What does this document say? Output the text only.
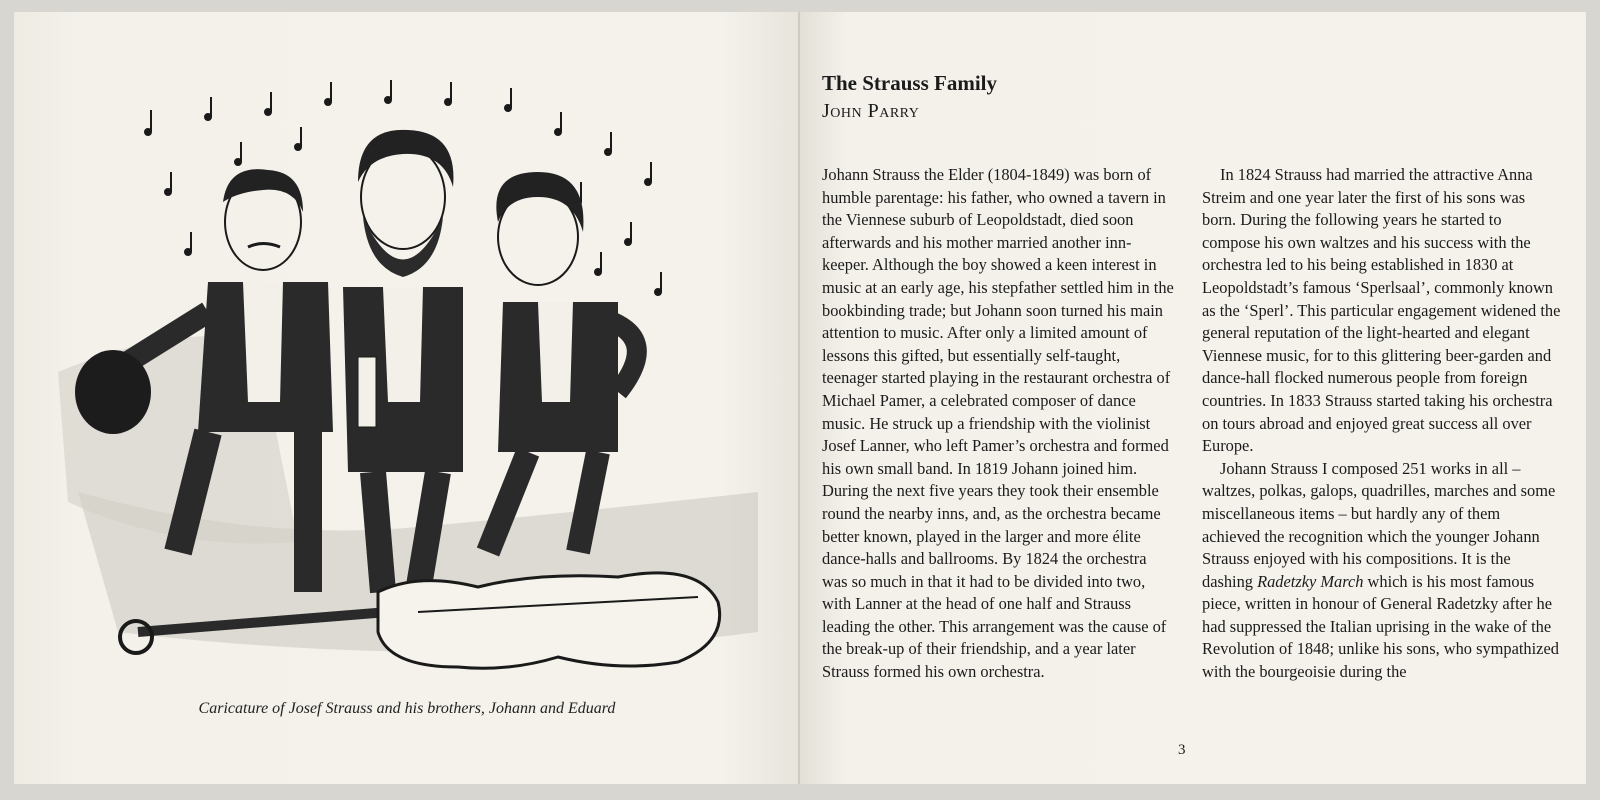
Caricature of Josef Strauss and his brothers, Johann and Eduard

The Strauss Family

John Parry

Johann Strauss the Elder (1804-1849) was born of humble parentage: his father, who owned a tavern in the Viennese suburb of Leopoldstadt, died soon afterwards and his mother married another inn-keeper. Although the boy showed a keen interest in music at an early age, his stepfather settled him in the bookbinding trade; but Johann soon turned his main attention to music. After only a limited amount of lessons this gifted, but essentially self-taught, teenager started playing in the restaurant orchestra of Michael Pamer, a celebrated composer of dance music. He struck up a friendship with the violinist Josef Lanner, who left Pamer’s orchestra and formed his own small band. In 1819 Johann joined him. During the next five years they took their ensemble round the nearby inns, and, as the orchestra became better known, played in the larger and more élite dance-halls and ballrooms. By 1824 the orchestra was so much in that it had to be divided into two, with Lanner at the head of one half and Strauss leading the other. This arrangement was the cause of the break-up of their friendship, and a year later Strauss formed his own orchestra.

In 1824 Strauss had married the attractive Anna Streim and one year later the first of his sons was born. During the following years he started to compose his own waltzes and his success with the orchestra led to his being established in 1830 at Leopoldstadt’s famous ‘Sperlsaal’, commonly known as the ‘Sperl’. This particular engagement widened the general reputation of the light-hearted and elegant Viennese music, for to this glittering beer-garden and dance-hall flocked numerous people from foreign countries. In 1833 Strauss started taking his orchestra on tours abroad and enjoyed great success all over Europe.

Johann Strauss I composed 251 works in all – waltzes, polkas, galops, quadrilles, marches and some miscellaneous items – but hardly any of them achieved the recognition which the younger Johann Strauss enjoyed with his compositions. It is the dashing Radetzky March which is his most famous piece, written in honour of General Radetzky after he had suppressed the Italian uprising in the wake of the Revolution of 1848; unlike his sons, who sympathized with the bourgeoisie during the

3
